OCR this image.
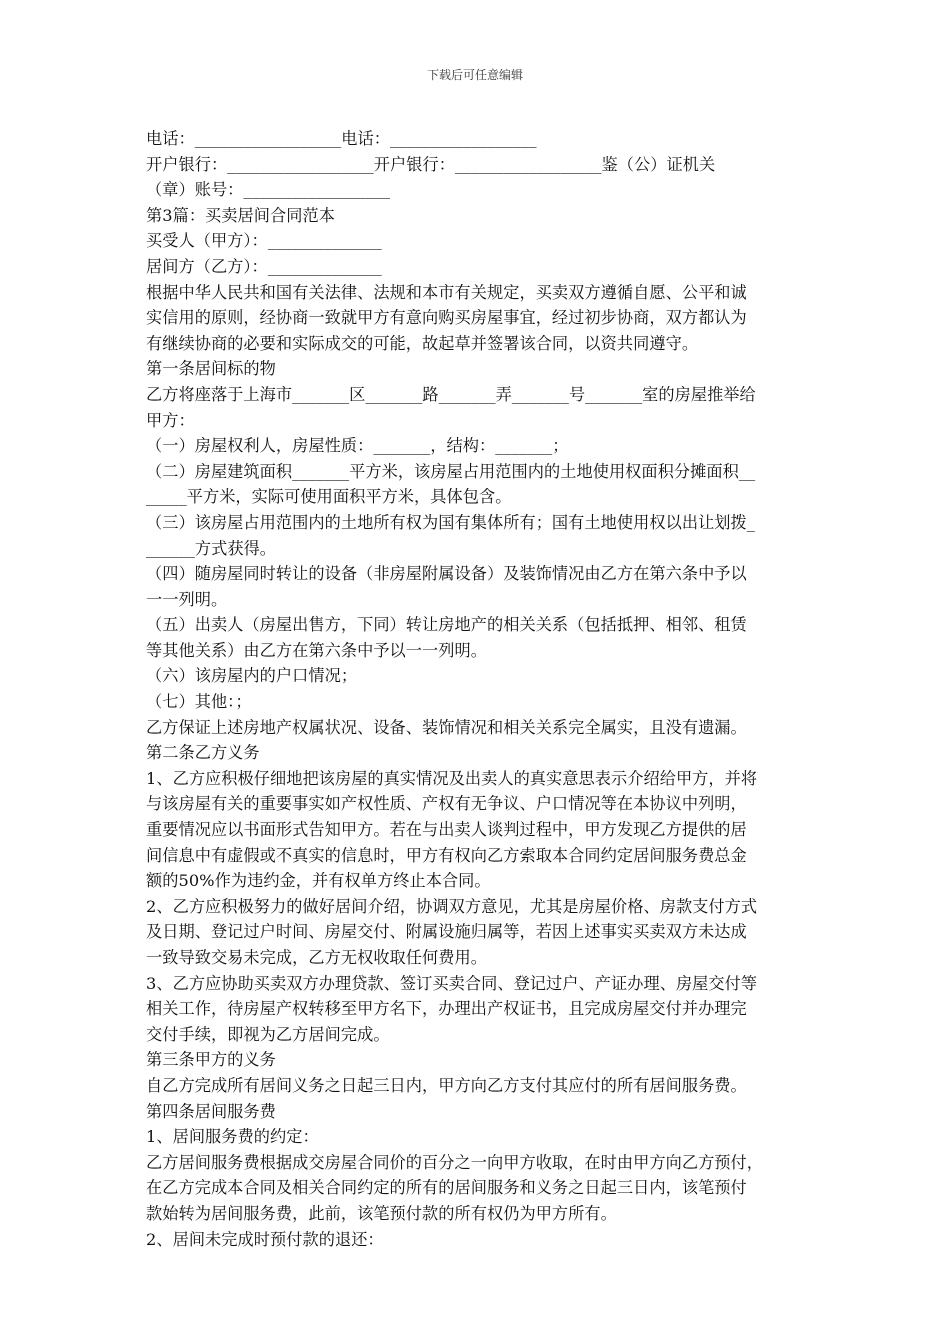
下载后可任意编辑
电话：__________________电话：__________________
开户银行：__________________开户银行：__________________鉴（公）证机关
（章）账号：__________________
第3篇：买卖居间合同范本
买受人（甲方）：______________
居间方（乙方）：______________
根据中华人民共和国有关法律、法规和本市有关规定，买卖双方遵循自愿、公平和诚
实信用的原则，经协商一致就甲方有意向购买房屋事宜，经过初步协商，双方都认为
有继续协商的必要和实际成交的可能，故起草并签署该合同，以资共同遵守。
第一条居间标的物
乙方将座落于上海市_______区_______路_______弄_______号_______室的房屋推举给
甲方：
（一）房屋权利人，房屋性质：_______，结构：_______；
（二）房屋建筑面积_______平方米，该房屋占用范围内的土地使用权面积分摊面积__
_____平方米，实际可使用面积平方米，具体包含。
（三）该房屋占用范围内的土地所有权为国有集体所有；国有土地使用权以出让划拨_
______方式获得。
（四）随房屋同时转让的设备（非房屋附属设备）及装饰情况由乙方在第六条中予以
一一列明。
（五）出卖人（房屋出售方，下同）转让房地产的相关关系（包括抵押、相邻、租赁
等其他关系）由乙方在第六条中予以一一列明。
（六）该房屋内的户口情况；
（七）其他：；
乙方保证上述房地产权属状况、设备、装饰情况和相关关系完全属实，且没有遗漏。
第二条乙方义务
1、乙方应积极仔细地把该房屋的真实情况及出卖人的真实意思表示介绍给甲方，并将
与该房屋有关的重要事实如产权性质、产权有无争议、户口情况等在本协议中列明，
重要情况应以书面形式告知甲方。若在与出卖人谈判过程中，甲方发现乙方提供的居
间信息中有虚假或不真实的信息时，甲方有权向乙方索取本合同约定居间服务费总金
额的50%作为违约金，并有权单方终止本合同。
2、乙方应积极努力的做好居间介绍，协调双方意见，尤其是房屋价格、房款支付方式
及日期、登记过户时间、房屋交付、附属设施归属等，若因上述事实买卖双方未达成
一致导致交易未完成，乙方无权收取任何费用。
3、乙方应协助买卖双方办理贷款、签订买卖合同、登记过户、产证办理、房屋交付等
相关工作，待房屋产权转移至甲方名下，办理出产权证书，且完成房屋交付并办理完
交付手续，即视为乙方居间完成。
第三条甲方的义务
自乙方完成所有居间义务之日起三日内，甲方向乙方支付其应付的所有居间服务费。
第四条居间服务费
1、居间服务费的约定：
乙方居间服务费根据成交房屋合同价的百分之一向甲方收取，在时由甲方向乙方预付，
在乙方完成本合同及相关合同约定的所有的居间服务和义务之日起三日内，该笔预付
款始转为居间服务费，此前，该笔预付款的所有权仍为甲方所有。
2、居间未完成时预付款的退还：
